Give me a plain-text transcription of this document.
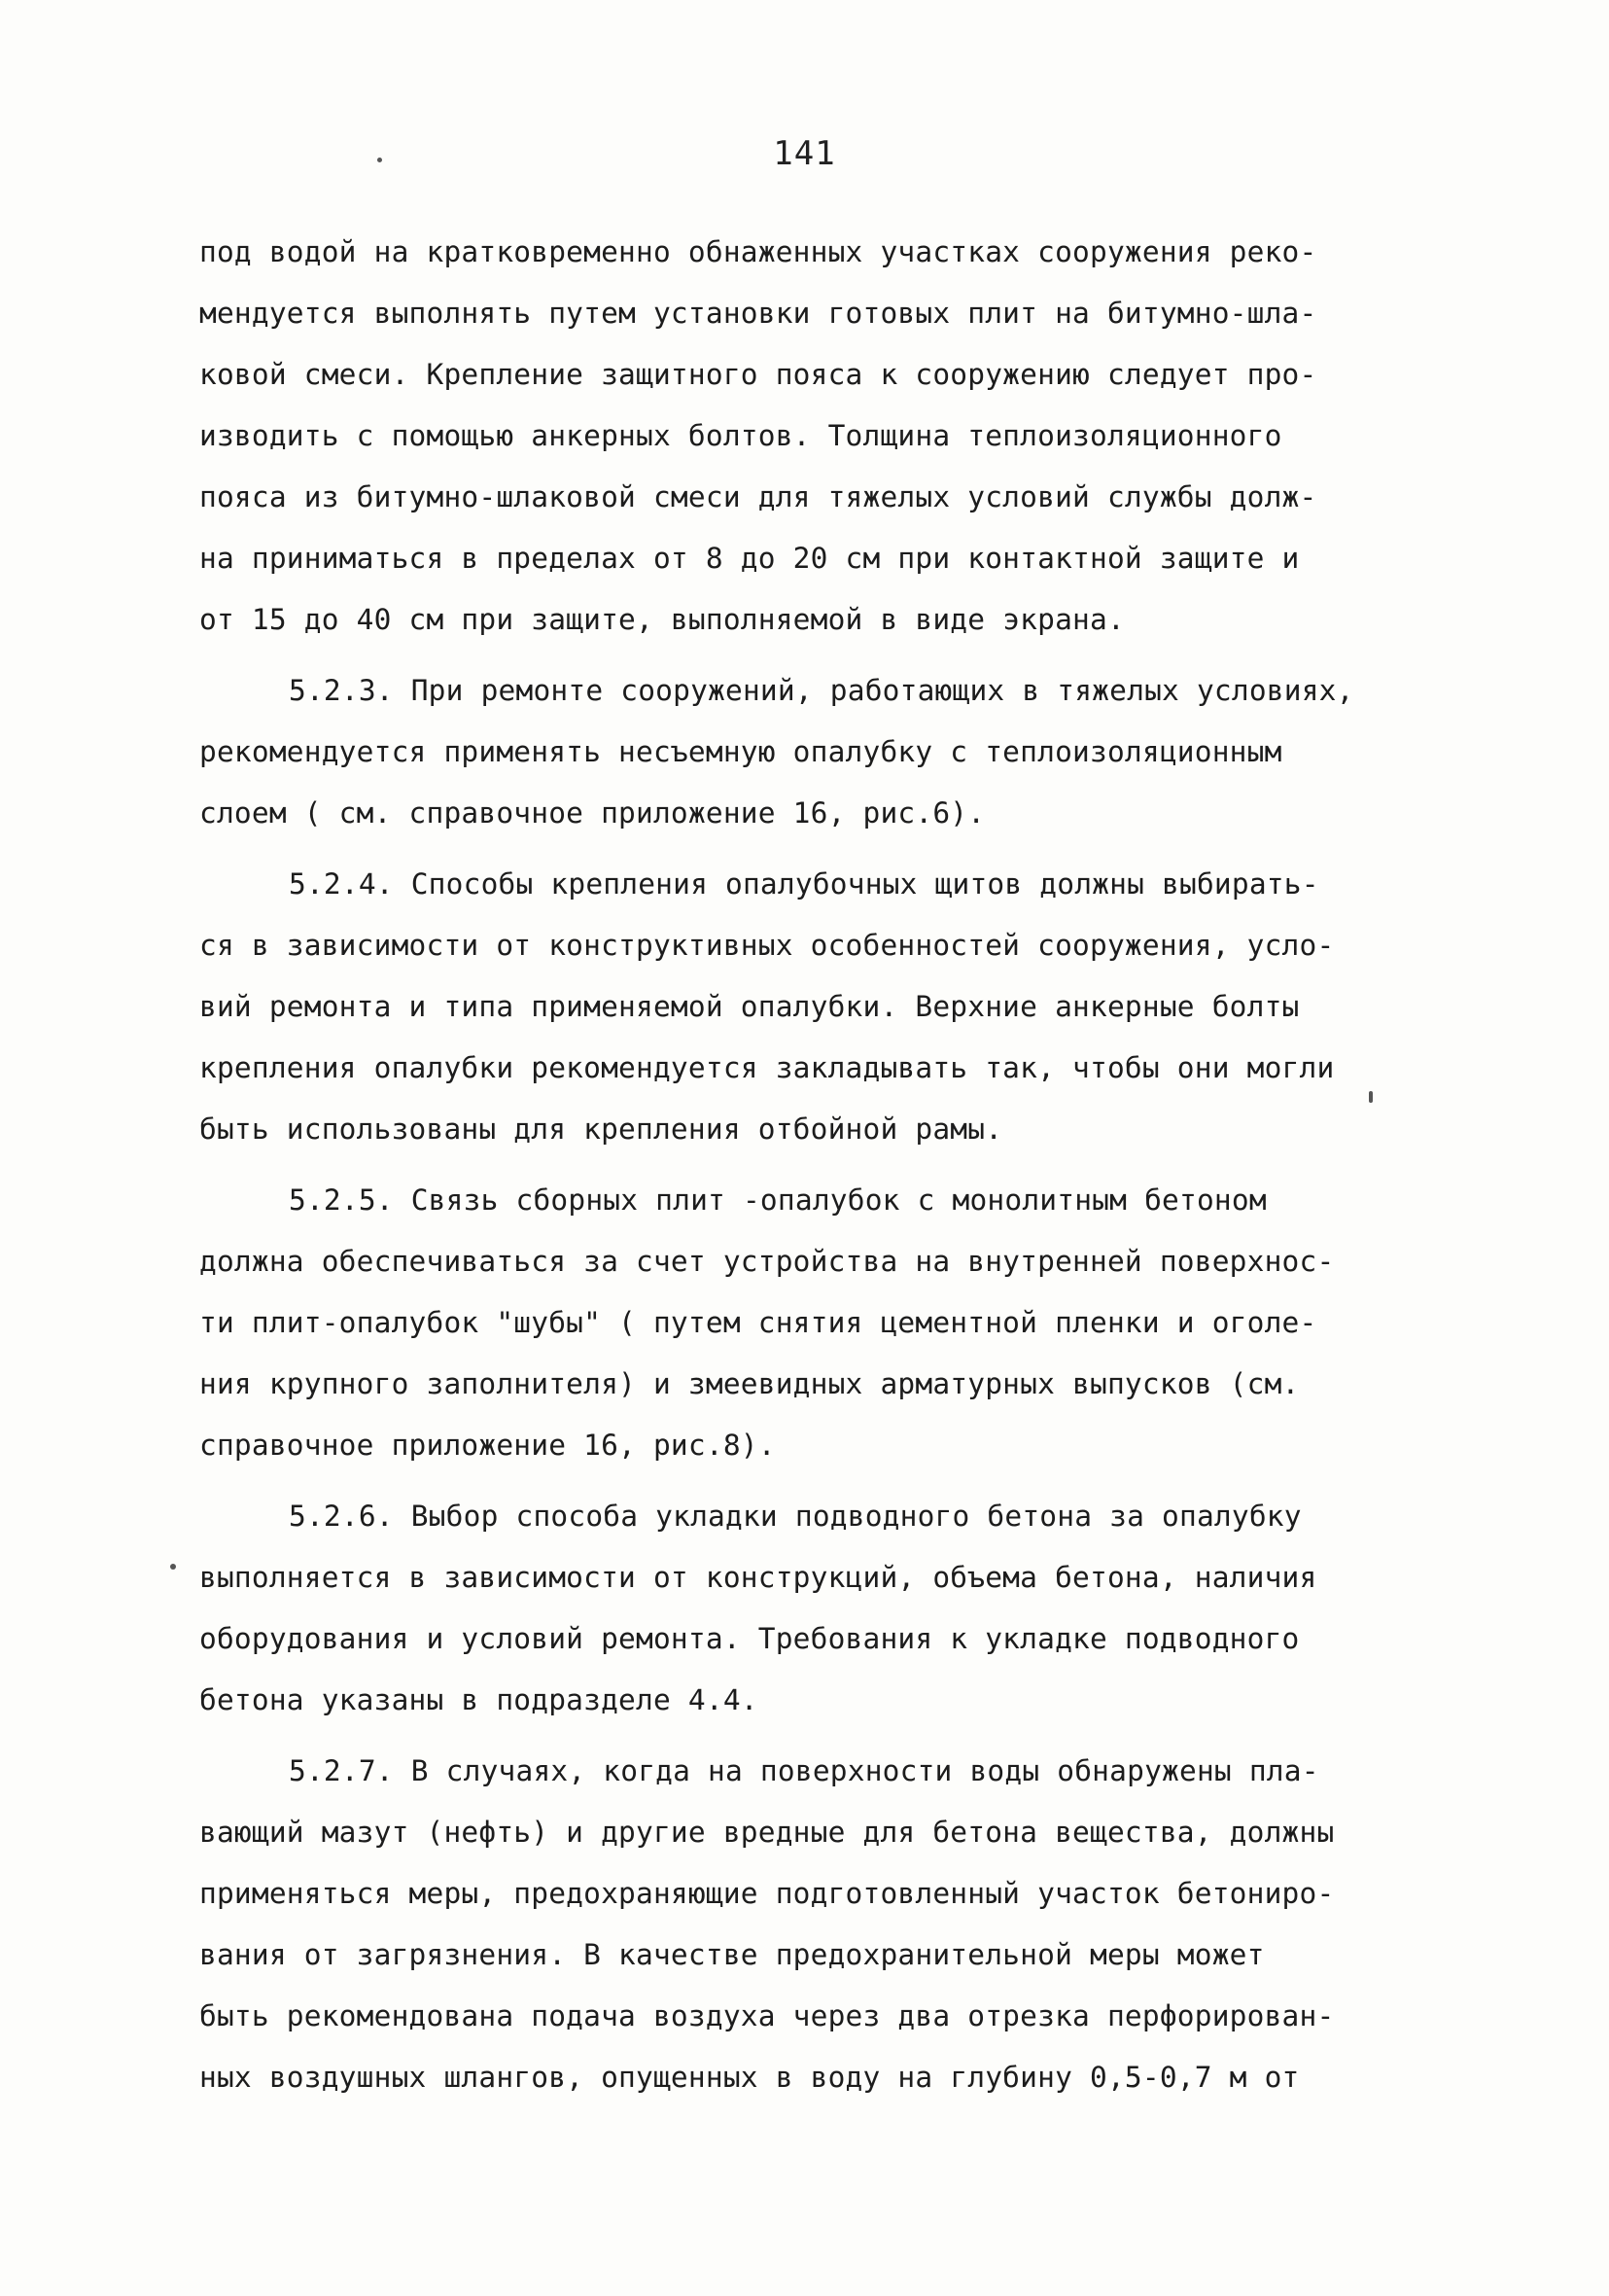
141
под водой на кратковременно обнаженных участках сооружения реко-
мендуется выполнять путем установки готовых плит на битумно-шла-
ковой смеси. Крепление защитного пояса к сооружению следует про-
изводить с помощью анкерных болтов. Толщина теплоизоляционного
пояса из битумно-шлаковой смеси для тяжелых условий службы долж-
на приниматься в пределах от 8 до 20 см при контактной защите и
от 15 до 40 см при защите, выполняемой в виде экрана.
5.2.3. При ремонте сооружений, работающих в тяжелых условиях,
рекомендуется применять несъемную опалубку с теплоизоляционным
слоем ( см. справочное приложение 16, рис.6).
5.2.4. Способы крепления опалубочных щитов должны выбирать-
ся в зависимости от конструктивных особенностей сооружения, усло-
вий ремонта и типа применяемой опалубки. Верхние анкерные болты
крепления опалубки рекомендуется закладывать так, чтобы они могли
быть использованы для крепления отбойной рамы.
5.2.5. Связь сборных плит -опалубок с монолитным бетоном
должна обеспечиваться за счет устройства на внутренней поверхнос-
ти плит-опалубок "шубы" ( путем снятия цементной пленки и оголе-
ния крупного заполнителя) и змеевидных арматурных выпусков (см.
справочное приложение 16, рис.8).
5.2.6. Выбор способа укладки подводного бетона за опалубку
выполняется в зависимости от конструкций, объема бетона, наличия
оборудования и условий ремонта. Требования к укладке подводного
бетона указаны в подразделе 4.4.
5.2.7. В случаях, когда на поверхности воды обнаружены пла-
вающий мазут (нефть) и другие вредные для бетона вещества, должны
применяться меры, предохраняющие подготовленный участок бетониро-
вания от загрязнения. В качестве предохранительной меры может
быть рекомендована подача воздуха через два отрезка перфорирован-
ных воздушных шлангов, опущенных в воду на глубину 0,5-0,7 м от
